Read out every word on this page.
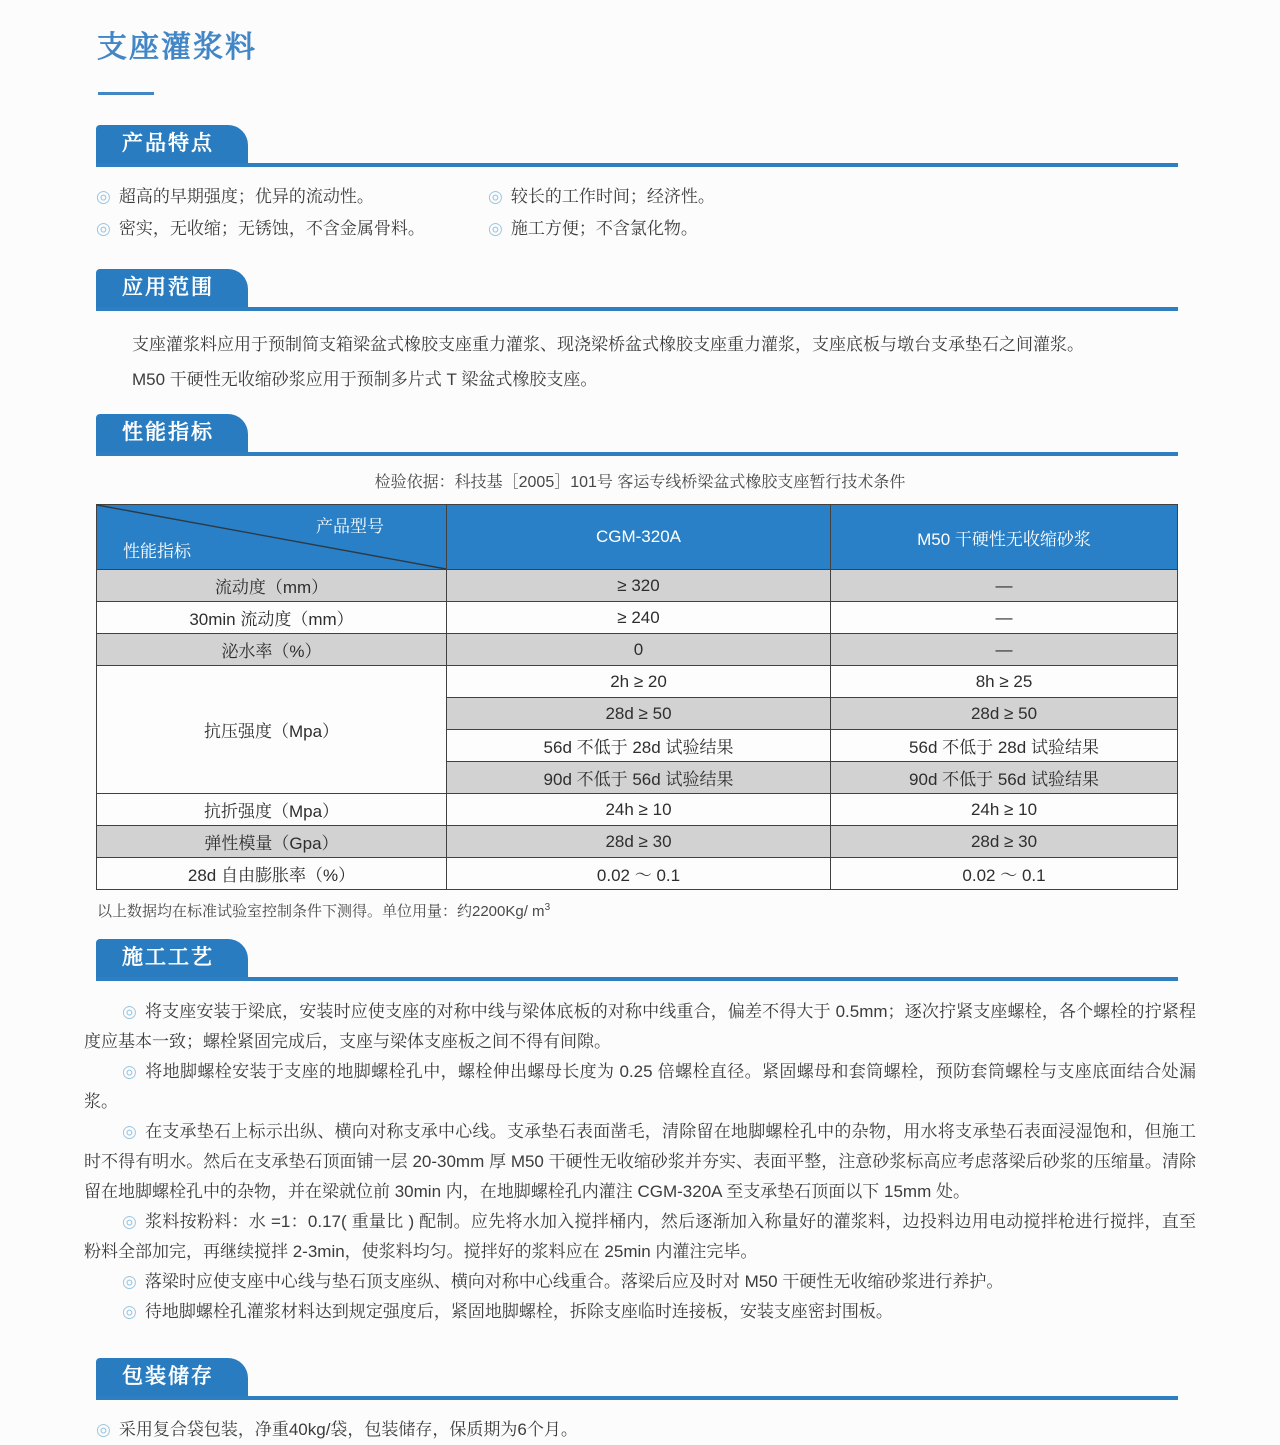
支座灌浆料
产品特点
◎ 超高的早期强度；优异的流动性。	◎ 较长的工作时间；经济性。
◎ 密实，无收缩；无锈蚀，不含金属骨料。	◎ 施工方便；不含氯化物。
应用范围

支座灌浆料应用于预制简支箱梁盆式橡胶支座重力灌浆、现浇梁桥盆式橡胶支座重力灌浆，支座底板与墩台支承垫石之间灌浆。

M50 干硬性无收缩砂浆应用于预制多片式 T 梁盆式橡胶支座。

性能指标
检验依据：科技基［2005］101号 客运专线桥梁盆式橡胶支座暂行技术条件
产品型号
性能指标	CGM-320A	M50 干硬性无收缩砂浆
流动度（mm）	≥ 320	—
30min 流动度（mm）	≥ 240	—
泌水率（%）	0	—
抗压强度（Mpa）	2h ≥ 20	8h ≥ 25
	28d ≥ 50	28d ≥ 50
	56d 不低于 28d 试验结果	56d 不低于 28d 试验结果
	90d 不低于 56d 试验结果	90d 不低于 56d 试验结果
抗折强度（Mpa）	24h ≥ 10	24h ≥ 10
弹性模量（Gpa）	28d ≥ 30	28d ≥ 30
28d 自由膨胀率（%）	0.02 ～ 0.1	0.02 ～ 0.1
以上数据均在标准试验室控制条件下测得。单位用量：约2200Kg/ $m^3$
施工工艺

◎ 将支座安装于梁底，安装时应使支座的对称中线与梁体底板的对称中线重合，偏差不得大于 0.5mm；逐次拧紧支座螺栓，各个螺栓的拧紧程度应基本一致；螺栓紧固完成后，支座与梁体支座板之间不得有间隙。

◎ 将地脚螺栓安装于支座的地脚螺栓孔中，螺栓伸出螺母长度为 0.25 倍螺栓直径。紧固螺母和套筒螺栓，预防套筒螺栓与支座底面结合处漏浆。

◎ 在支承垫石上标示出纵、横向对称支承中心线。支承垫石表面凿毛，清除留在地脚螺栓孔中的杂物，用水将支承垫石表面浸湿饱和，但施工时不得有明水。然后在支承垫石顶面铺一层 20-30mm 厚 M50 干硬性无收缩砂浆并夯实、表面平整，注意砂浆标高应考虑落梁后砂浆的压缩量。清除留在地脚螺栓孔中的杂物，并在梁就位前 30min 内，在地脚螺栓孔内灌注 CGM-320A 至支承垫石顶面以下 15mm 处。

◎ 浆料按粉料：水 =1：0.17( 重量比 ) 配制。应先将水加入搅拌桶内，然后逐渐加入称量好的灌浆料，边投料边用电动搅拌枪进行搅拌，直至粉料全部加完，再继续搅拌 2-3min，使浆料均匀。搅拌好的浆料应在 25min 内灌注完毕。

◎ 落梁时应使支座中心线与垫石顶支座纵、横向对称中心线重合。落梁后应及时对 M50 干硬性无收缩砂浆进行养护。

◎ 待地脚螺栓孔灌浆材料达到规定强度后，紧固地脚螺栓，拆除支座临时连接板，安装支座密封围板。

包装储存

◎ 采用复合袋包装，净重40kg/袋，包装储存，保质期为6个月。
